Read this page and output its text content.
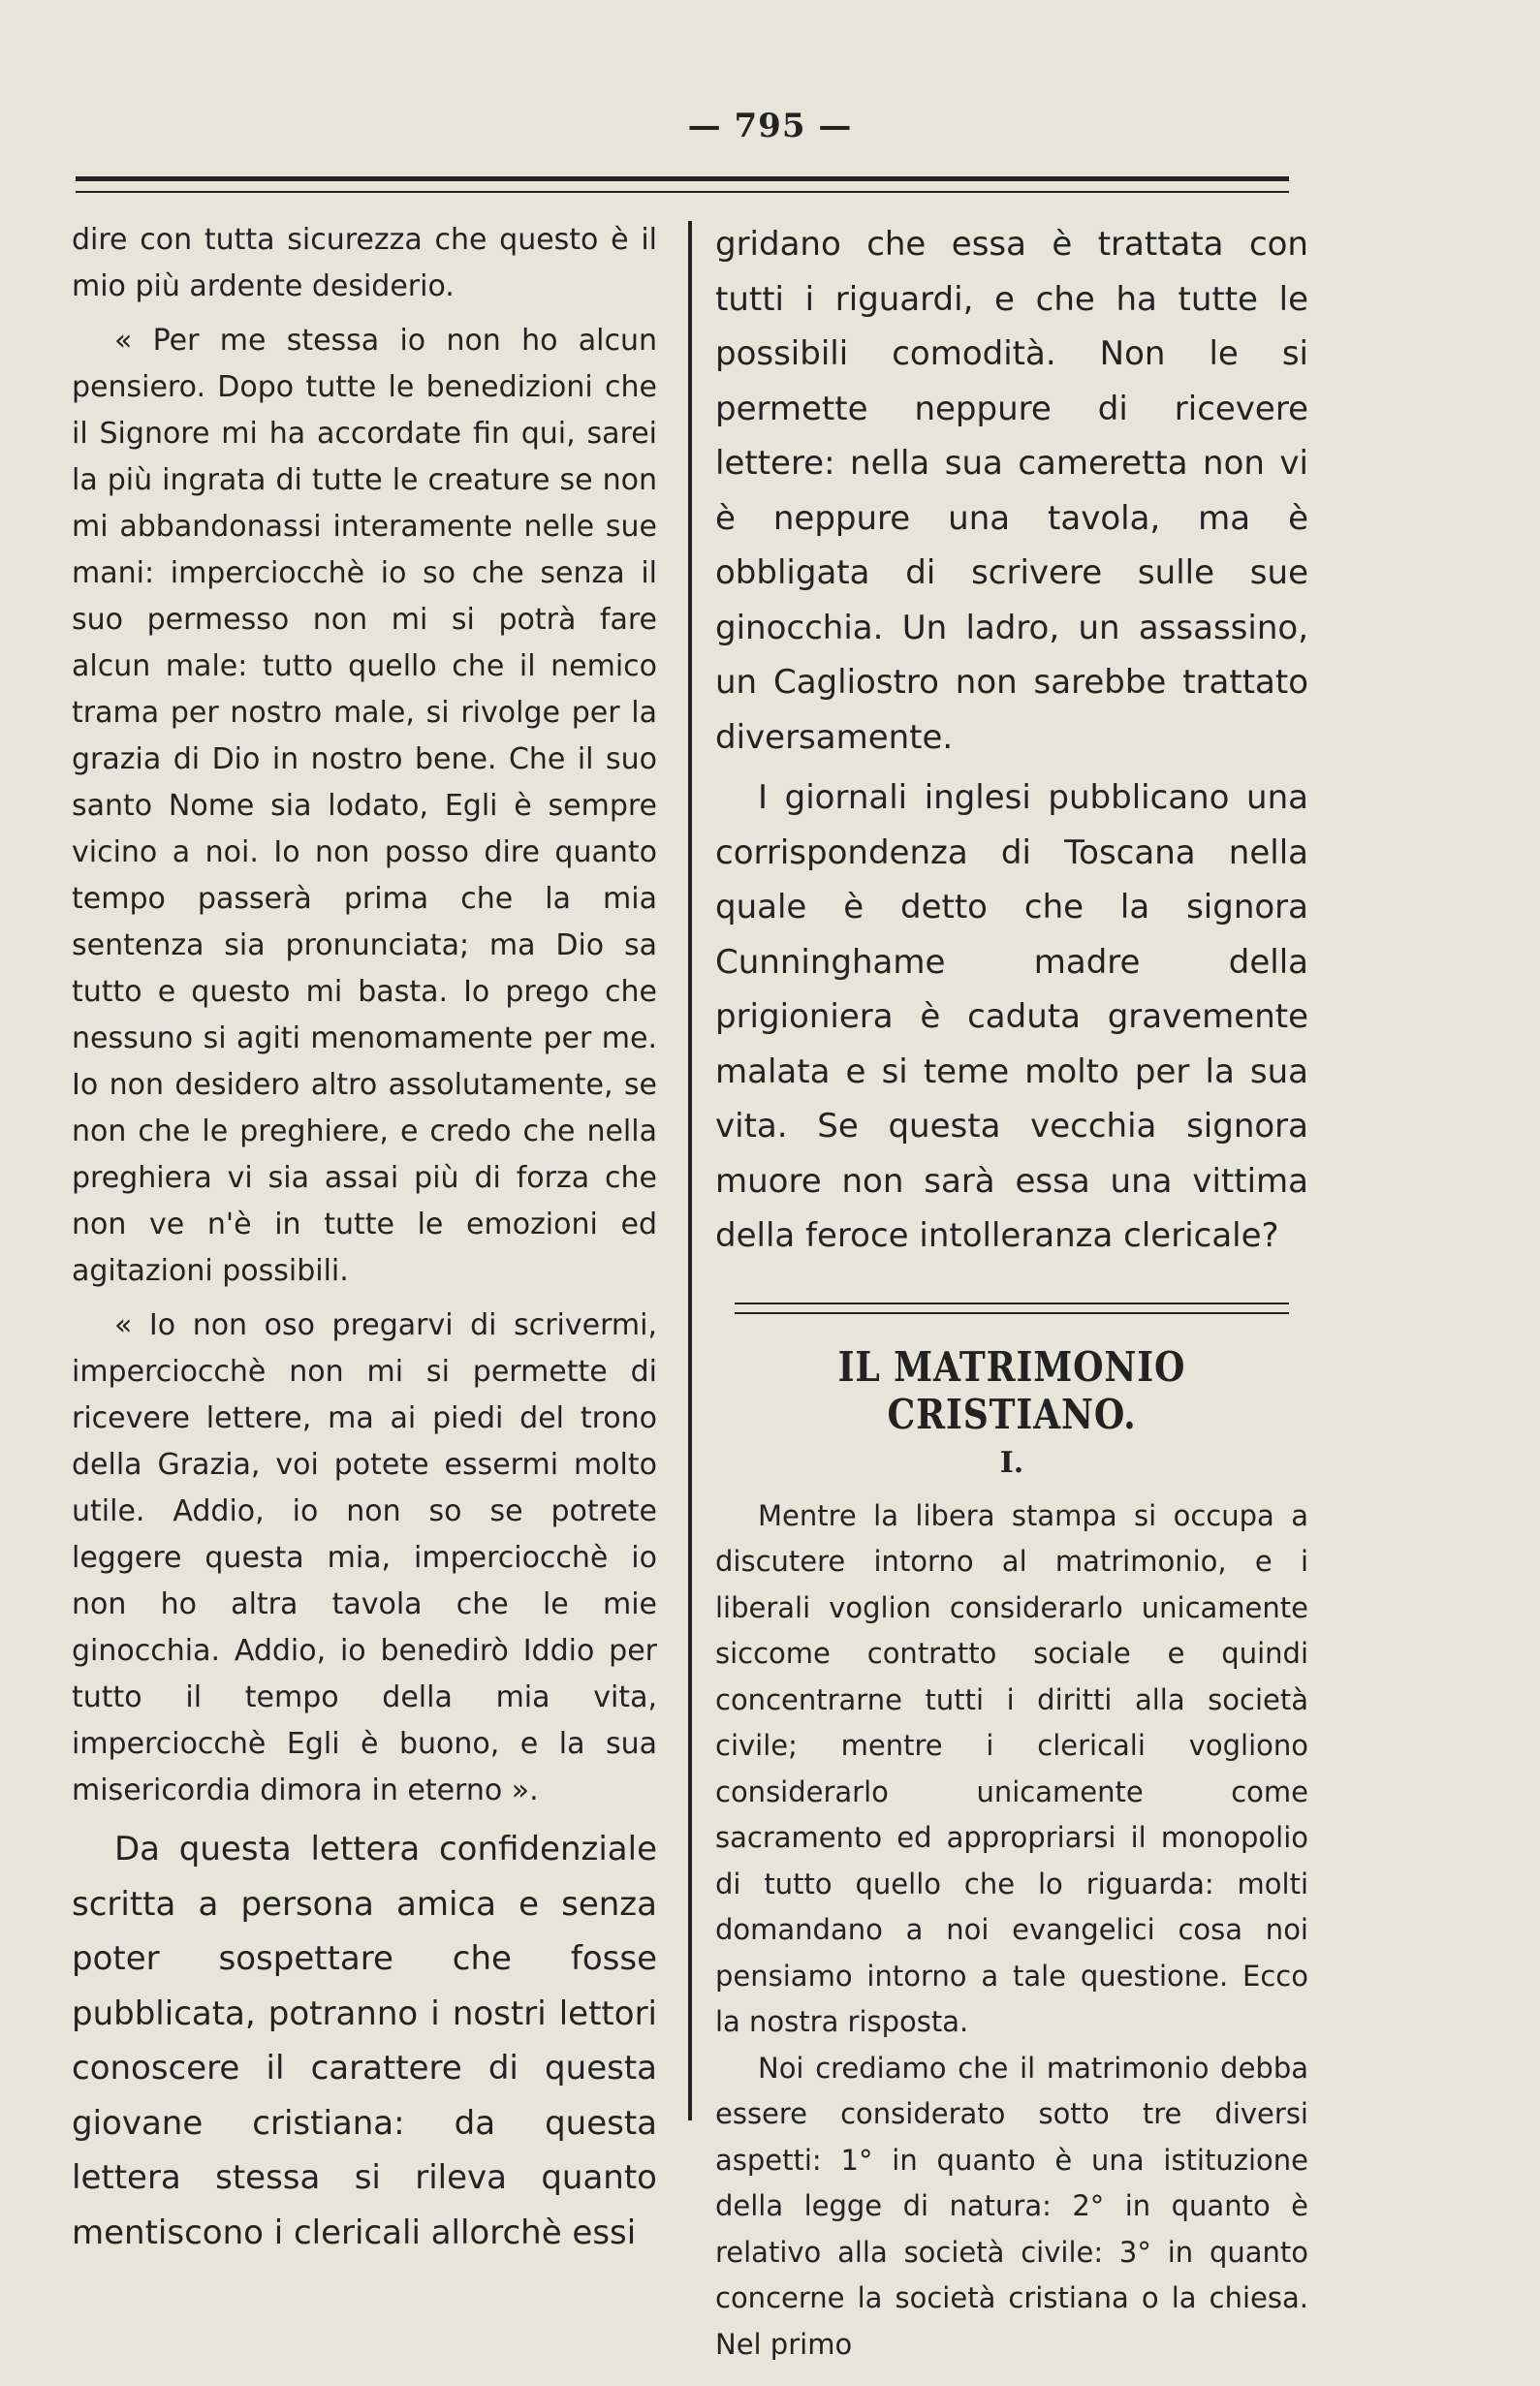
— 795 —

dire con tutta sicurezza che questo è il mio più ardente desiderio.

« Per me stessa io non ho alcun pensiero. Dopo tutte le benedizioni che il Signore mi ha accordate fin qui, sarei la più ingrata di tutte le creature se non mi abbandonassi interamente nelle sue mani: imperciocchè io so che senza il suo permesso non mi si potrà fare alcun male: tutto quello che il nemico trama per nostro male, si rivolge per la grazia di Dio in nostro bene. Che il suo santo Nome sia lodato, Egli è sempre vicino a noi. Io non posso dire quanto tempo passerà prima che la mia sentenza sia pronunciata; ma Dio sa tutto e questo mi basta. Io prego che nessuno si agiti menomamente per me. Io non desidero altro assolutamente, se non che le preghiere, e credo che nella preghiera vi sia assai più di forza che non ve n'è in tutte le emozioni ed agitazioni possibili.

« Io non oso pregarvi di scrivermi, imperciocchè non mi si permette di ricevere lettere, ma ai piedi del trono della Grazia, voi potete essermi molto utile. Addio, io non so se potrete leggere questa mia, imperciocchè io non ho altra tavola che le mie ginocchia. Addio, io benedirò Iddio per tutto il tempo della mia vita, imperciocchè Egli è buono, e la sua misericordia dimora in eterno ».

Da questa lettera confidenziale scritta a persona amica e senza poter sospettare che fosse pubblicata, potranno i nostri lettori conoscere il carattere di questa giovane cristiana: da questa lettera stessa si rileva quanto mentiscono i clericali allorchè essi

gridano che essa è trattata con tutti i riguardi, e che ha tutte le possibili comodità. Non le si permette neppure di ricevere lettere: nella sua cameretta non vi è neppure una tavola, ma è obbligata di scrivere sulle sue ginocchia. Un ladro, un assassino, un Cagliostro non sarebbe trattato diversamente.

I giornali inglesi pubblicano una corrispondenza di Toscana nella quale è detto che la signora Cunninghame madre della prigioniera è caduta gravemente malata e si teme molto per la sua vita. Se questa vecchia signora muore non sarà essa una vittima della feroce intolleranza clericale?

IL MATRIMONIO CRISTIANO.
I.

Mentre la libera stampa si occupa a discutere intorno al matrimonio, e i liberali voglion considerarlo unicamente siccome contratto sociale e quindi concentrarne tutti i diritti alla società civile; mentre i clericali vogliono considerarlo unicamente come sacramento ed appropriarsi il monopolio di tutto quello che lo riguarda: molti domandano a noi evangelici cosa noi pensiamo intorno a tale questione. Ecco la nostra risposta.

Noi crediamo che il matrimonio debba essere considerato sotto tre diversi aspetti: 1° in quanto è una istituzione della legge di natura: 2° in quanto è relativo alla società civile: 3° in quanto concerne la società cristiana o la chiesa. Nel primo
